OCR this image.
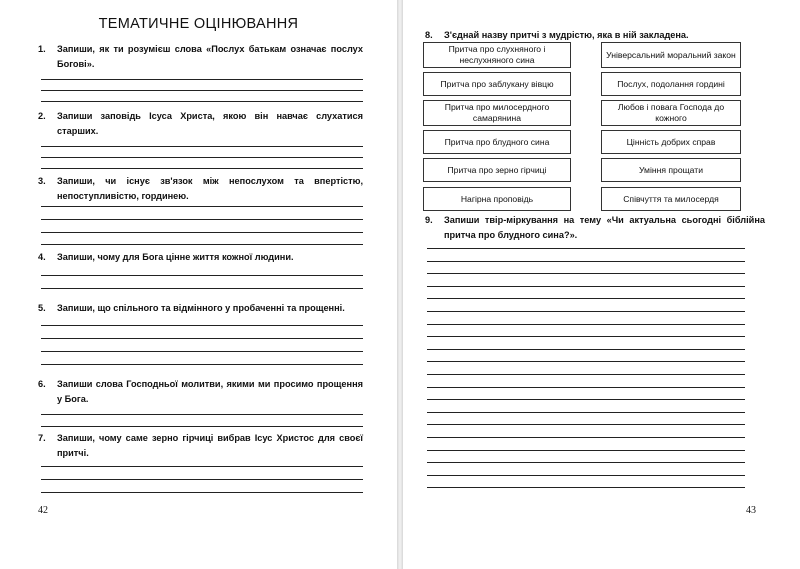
ТЕМАТИЧНЕ ОЦІНЮВАННЯ
1. Запиши, як ти розумієш слова «Послух батькам означає послух Богові».
2. Запиши заповідь Ісуса Христа, якою він навчає слухатися старших.
3. Запиши, чи існує зв'язок між непослухом та впертістю, непоступливістю, гординею.
4. Запиши, чому для Бога цінне життя кожної людини.
5. Запиши, що спільного та відмінного у пробаченні та прощенні.
6. Запиши слова Господньої молитви, якими ми просимо прощення у Бога.
7. Запиши, чому саме зерно гірчиці вибрав Ісус Христос для своєї притчі.
42
8. З'єднай назву притчі з мудрістю, яка в ній закладена.
Притча про слухняного і неслухняного сина
Притча про заблукану вівцю
Притча про милосердного самарянина
Притча про блудного сина
Притча про зерно гірчиці
Нагірна проповідь
Універсальний моральний закон
Послух, подолання гордині
Любов і повага Господа до кожного
Цінність добрих справ
Уміння прощати
Співчуття та милосердя
9. Запиши твір-міркування на тему «Чи актуальна сьогодні біблійна притча про блудного сина?».
43
